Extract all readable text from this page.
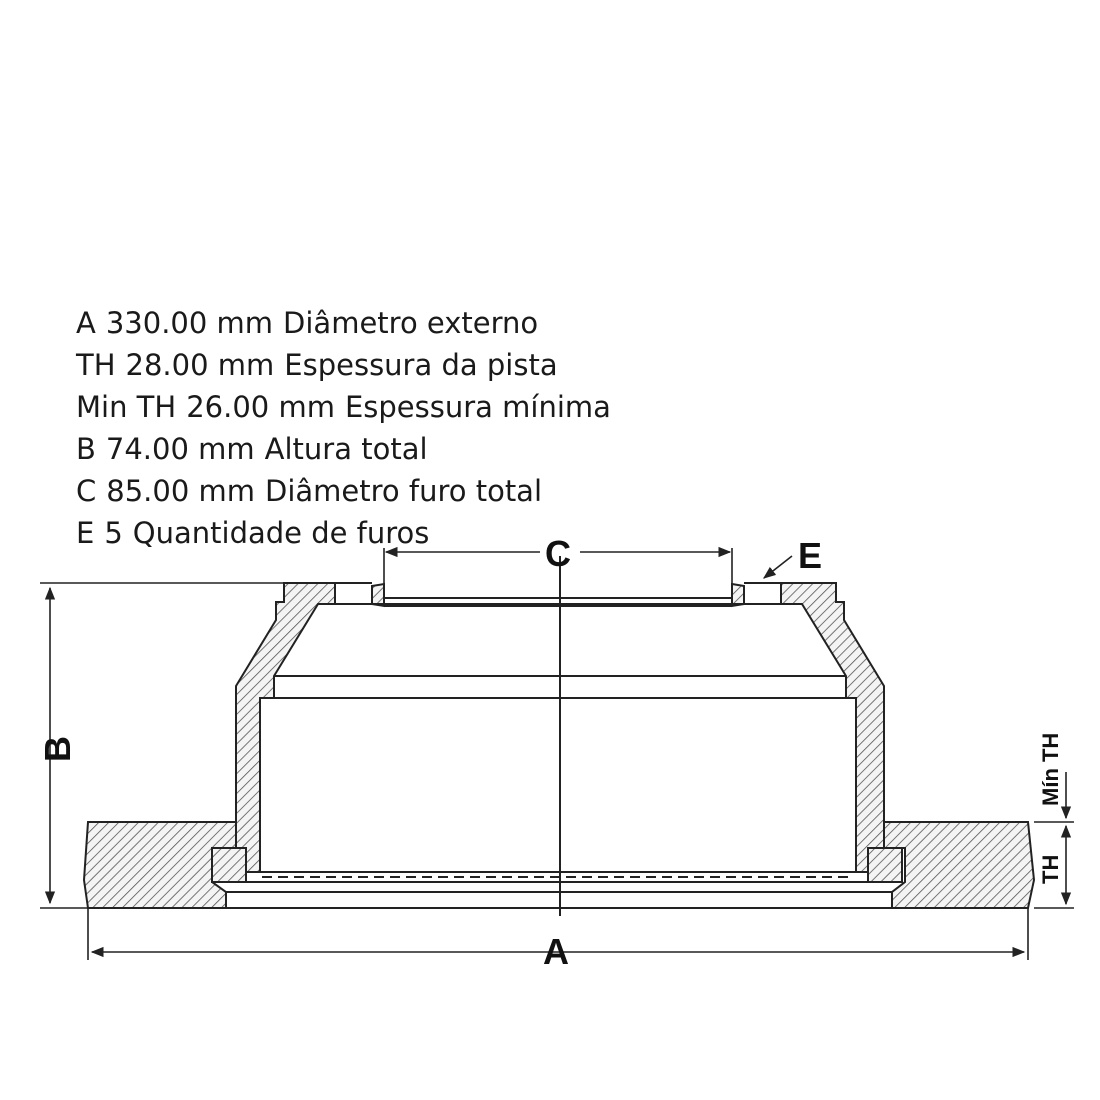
A 330.00 mm Diâmetro externo
TH 28.00 mm Espessura da pista
Min TH 26.00 mm Espessura mínima
B 74.00 mm Altura total
C 85.00 mm Diâmetro furo total
E 5 Quantidade de furos	C	E
B
A
TH
Mín TH
